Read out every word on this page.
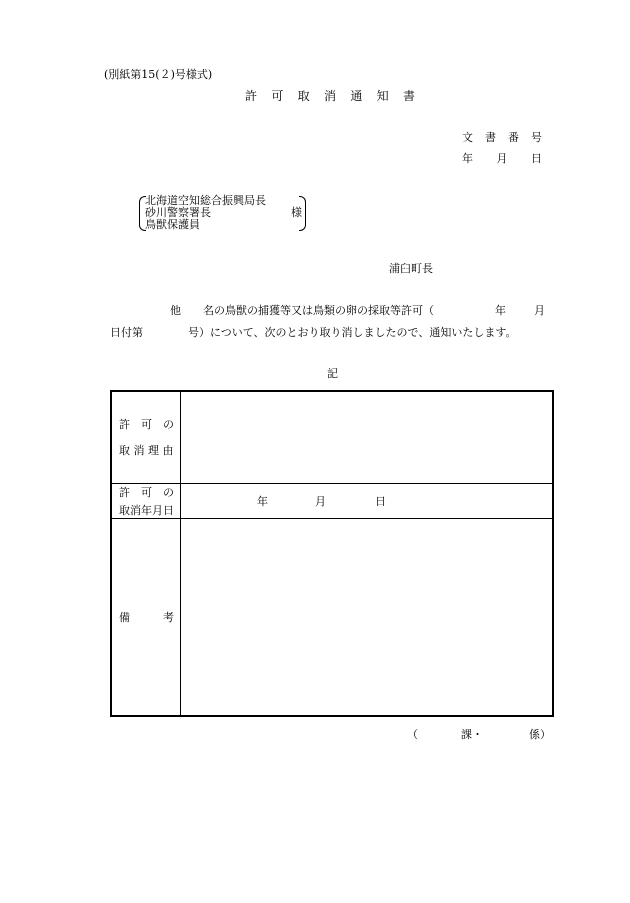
(別紙第15(２)号様式)
許 可 取 消 通 知 書
文 書 番 号
年 月 日
北海道空知総合振興局長
砂川警察署長
鳥獣保護員
様
浦臼町長
他 名の鳥獣の捕獲等又は鳥類の卵の採取等許可（	年	月
日付第	号）について、次のとおり取り消しましたので、通知いたします。
記
許　可　の
取 消 理 由	

許　可　の
取消年月日	年 月 日

備　　　考	

（	課・	係）
